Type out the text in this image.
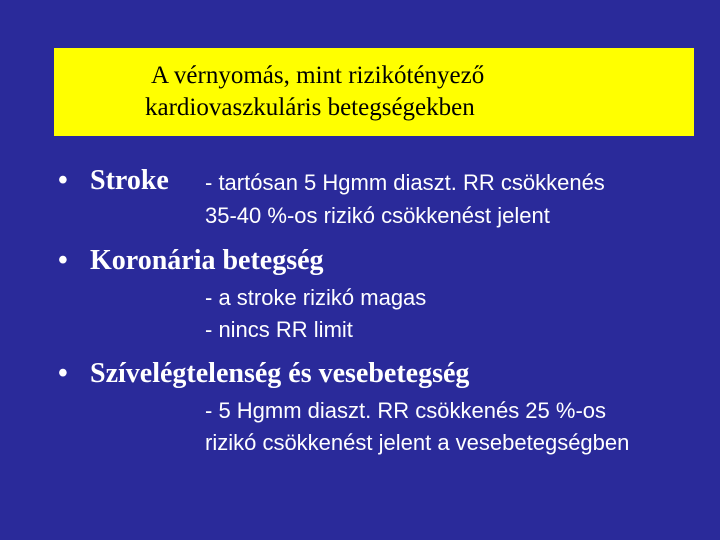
A vérnyomás, mint rizikótényező
kardiovaszkuláris betegségekben
• Stroke - tartósan 5 Hgmm diaszt. RR csökkenés
35-40 %-os rizikó csökkenést jelent
• Koronária betegség
- a stroke rizikó magas
- nincs RR limit
• Szívelégtelenség és vesebetegség
- 5 Hgmm diaszt. RR csökkenés 25 %-os
rizikó csökkenést jelent a vesebetegségben
